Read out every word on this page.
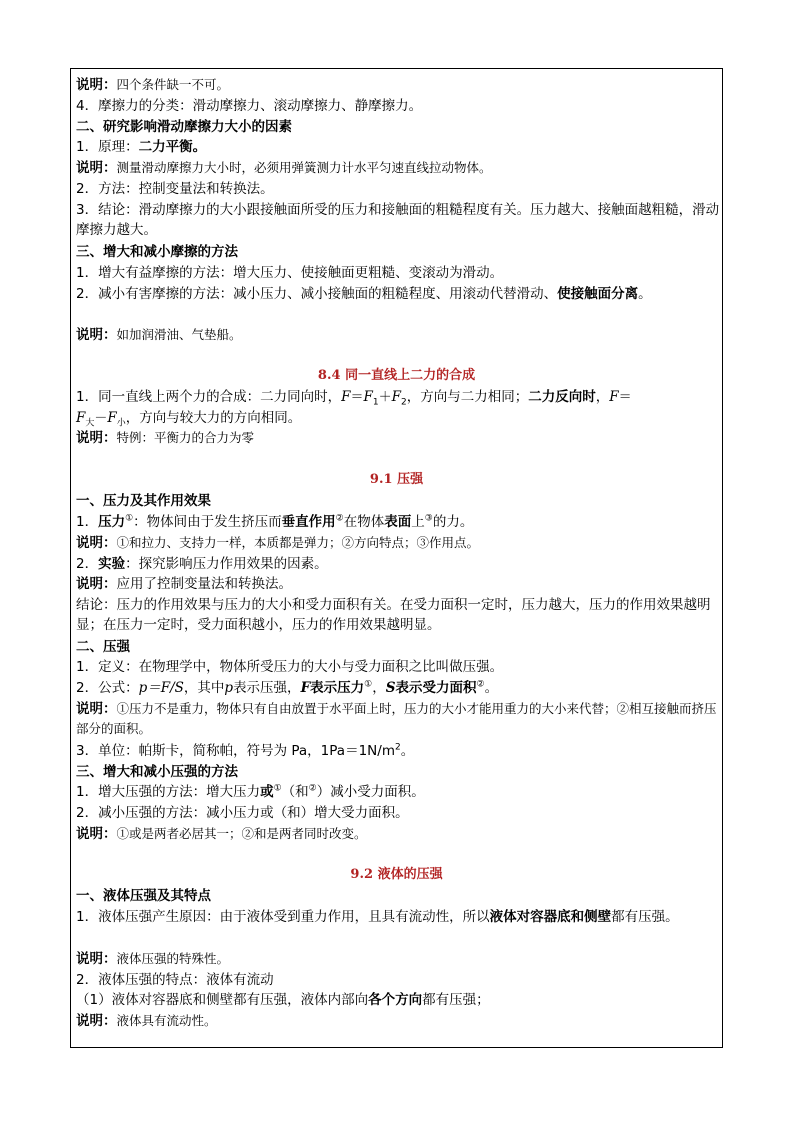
说明：四个条件缺一不可。
4．摩擦力的分类：滑动摩擦力、滚动摩擦力、静摩擦力。
二、研究影响滑动摩擦力大小的因素
1．原理：二力平衡。
说明：测量滑动摩擦力大小时，必须用弹簧测力计水平匀速直线拉动物体。
2．方法：控制变量法和转换法。
3．结论：滑动摩擦力的大小跟接触面所受的压力和接触面的粗糙程度有关。压力越大、接触面越粗糙，滑动摩擦力越大。
三、增大和减小摩擦的方法
1．增大有益摩擦的方法：增大压力、使接触面更粗糙、变滚动为滑动。
2．减小有害摩擦的方法：减小压力、减小接触面的粗糙程度、用滚动代替滑动、使接触面分离。
说明：如加润滑油、气垫船。
8.4 同一直线上二力的合成
1．同一直线上两个力的合成：二力同向时，$F=F_1+F_2$，方向与二力相同；二力反向时，F＝
$F_大-F_小$，方向与较大力的方向相同。
说明：特例：平衡力的合力为零
9.1 压强
一、压力及其作用效果
1．压力①：物体间由于发生挤压而垂直作用②在物体表面上③的力。
说明：①和拉力、支持力一样，本质都是弹力；②方向特点；③作用点。
2．实验：探究影响压力作用效果的因素。
说明：应用了控制变量法和转换法。
结论：压力的作用效果与压力的大小和受力面积有关。在受力面积一定时，压力越大，压力的作用效果越明显；在压力一定时，受力面积越小，压力的作用效果越明显。
二、压强
1．定义：在物理学中，物体所受压力的大小与受力面积之比叫做压强。
2．公式：p＝F/S，其中p表示压强，F表示压力①，S表示受力面积②。
说明：①压力不是重力，物体只有自由放置于水平面上时，压力的大小才能用重力的大小来代替；②相互接触而挤压部分的面积。
3．单位：帕斯卡，简称帕，符号为 Pa，$1Pa=1N/m^2$。
三、增大和减小压强的方法
1．增大压强的方法：增大压力或①（和②）减小受力面积。
2．减小压强的方法：减小压力或（和）增大受力面积。
说明：①或是两者必居其一；②和是两者同时改变。
9.2 液体的压强
一、液体压强及其特点
1．液体压强产生原因：由于液体受到重力作用，且具有流动性，所以液体对容器底和侧壁都有压强。
说明：液体压强的特殊性。
2．液体压强的特点：液体有流动
（1）液体对容器底和侧壁都有压强，液体内部向各个方向都有压强；
说明：液体具有流动性。
